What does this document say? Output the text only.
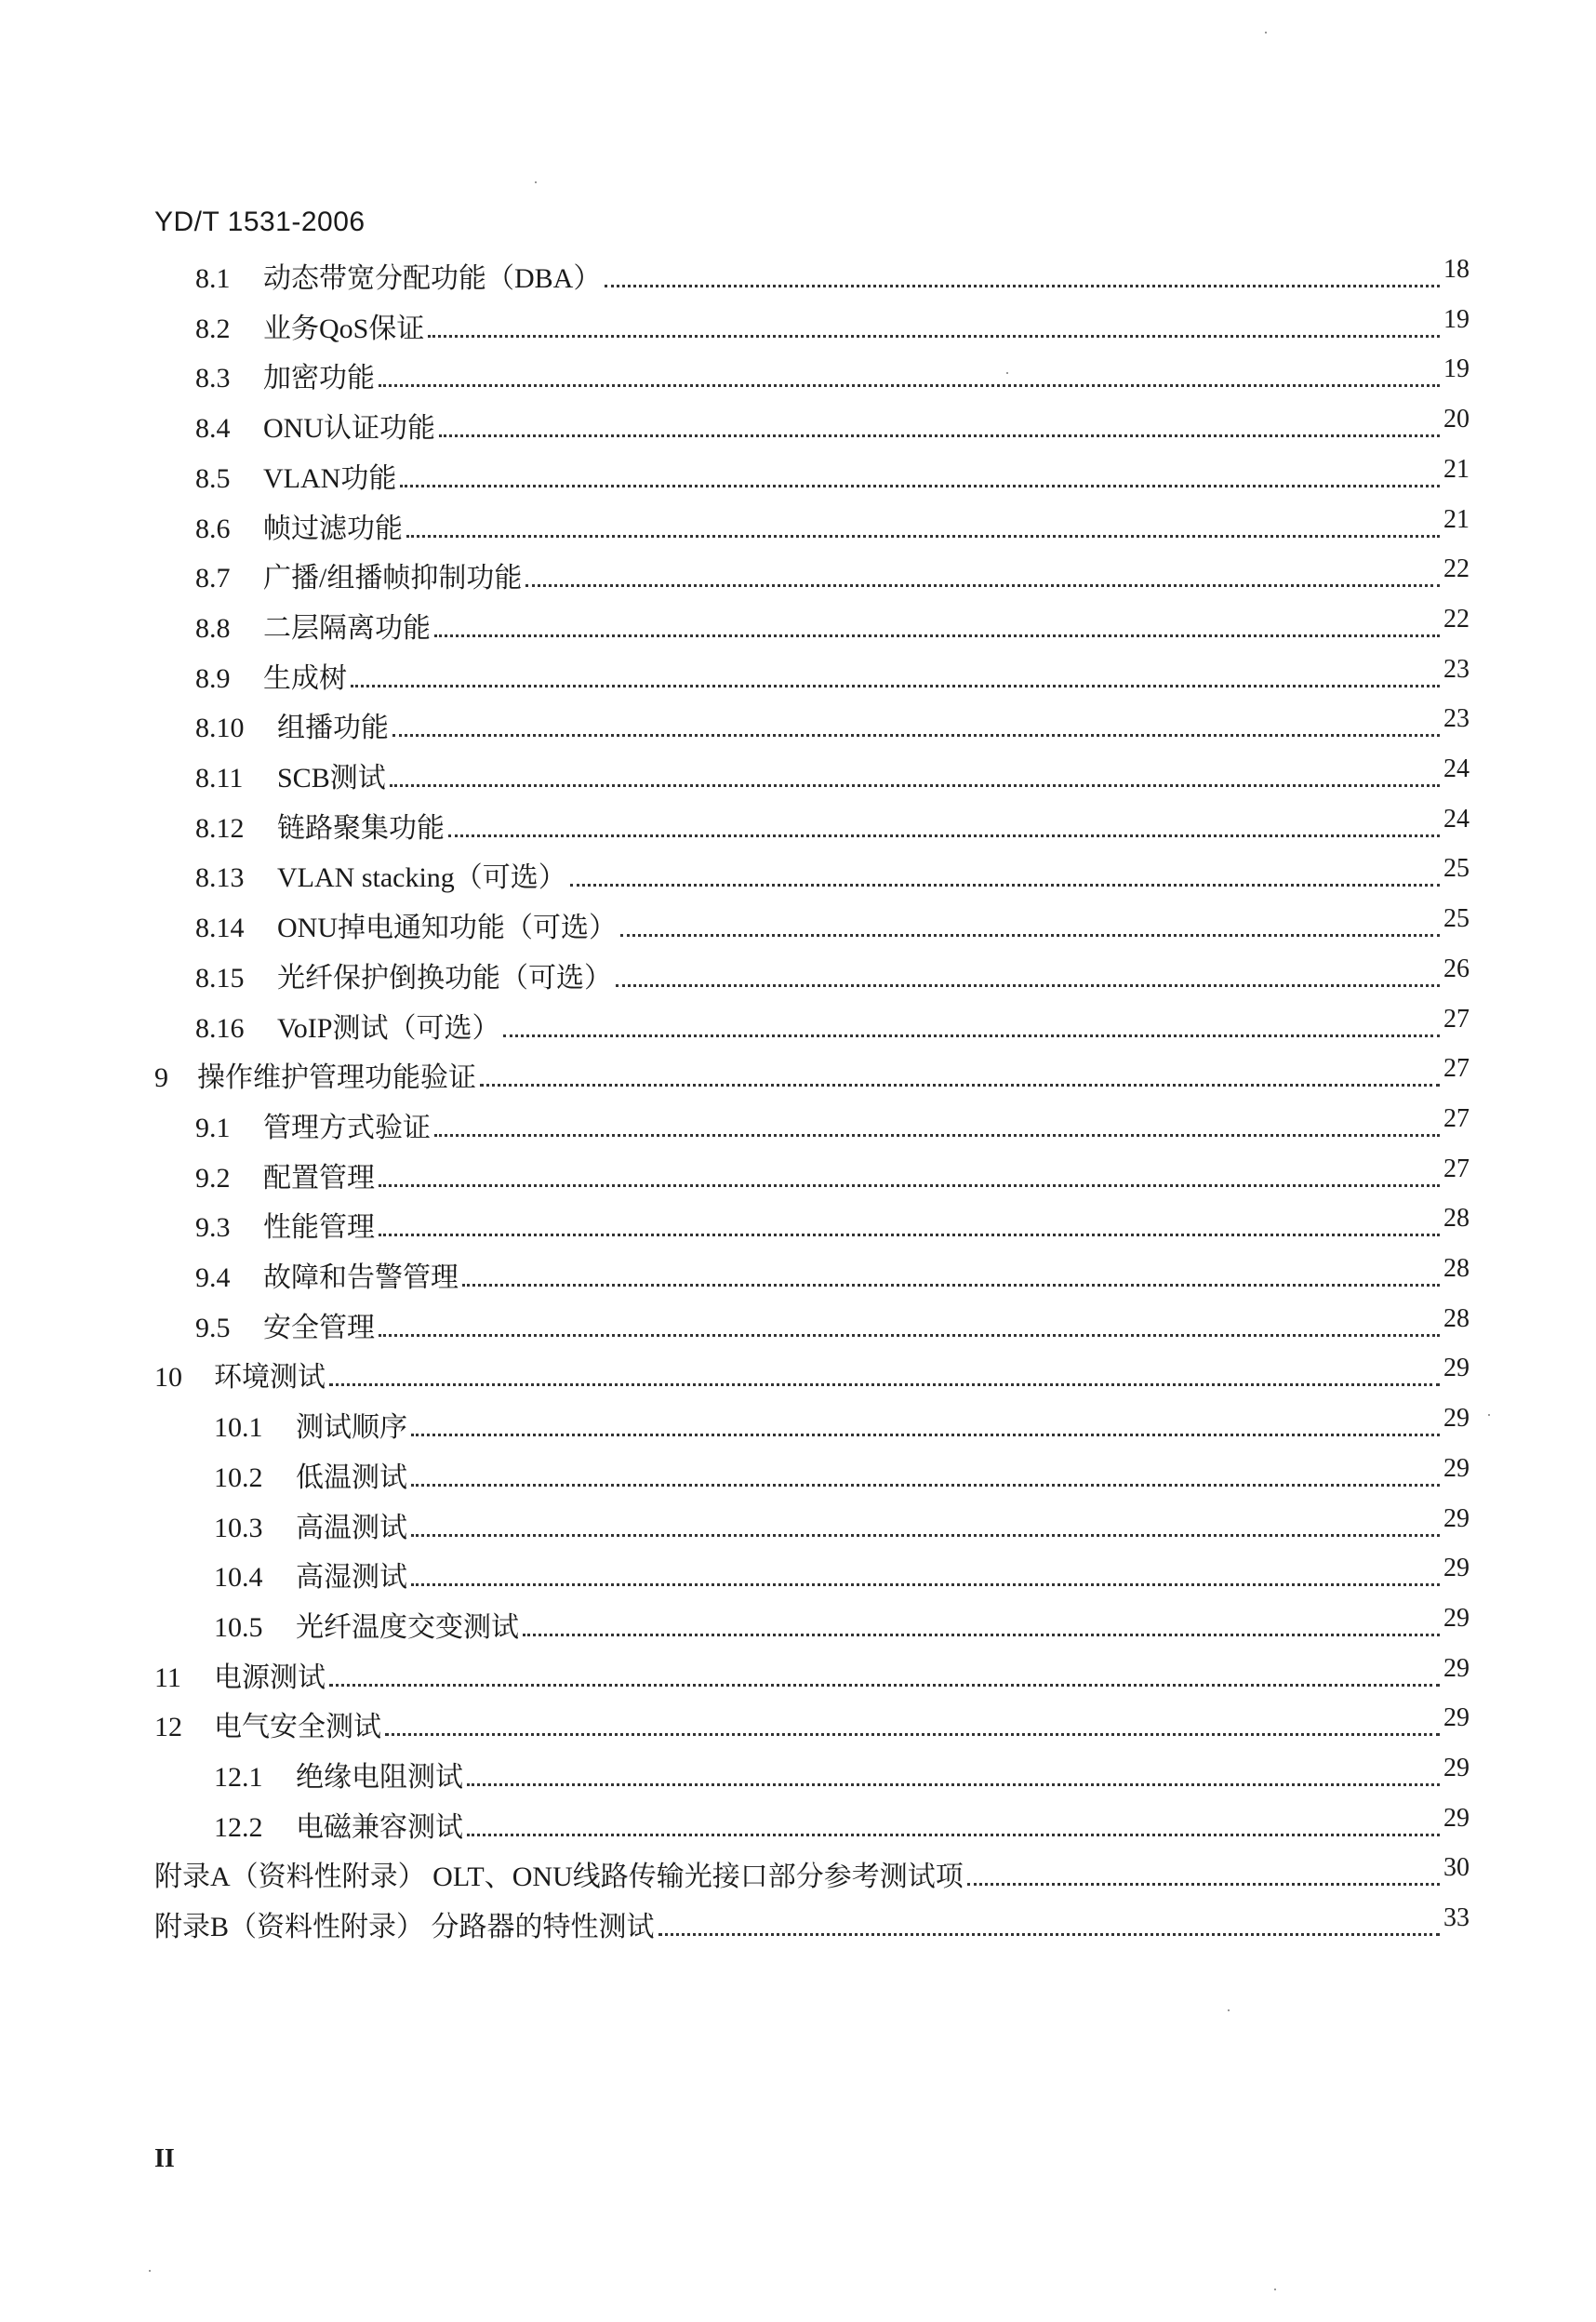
YD/T 1531-2006
8.1	动态带宽分配功能（DBA）	18
8.2	业务QoS保证	19
8.3	加密功能	19
8.4	ONU认证功能	20
8.5	VLAN功能	21
8.6	帧过滤功能	21
8.7	广播/组播帧抑制功能	22
8.8	二层隔离功能	22
8.9	生成树	23
8.10	组播功能	23
8.11	SCB测试	24
8.12	链路聚集功能	24
8.13	VLAN stacking（可选）	25
8.14	ONU掉电通知功能（可选）	25
8.15	光纤保护倒换功能（可选）	26
8.16	VoIP测试（可选）	27
9	操作维护管理功能验证	27
9.1	管理方式验证	27
9.2	配置管理	27
9.3	性能管理	28
9.4	故障和告警管理	28
9.5	安全管理	28
10	环境测试	29
10.1	测试顺序	29
10.2	低温测试	29
10.3	高温测试	29
10.4	高湿测试	29
10.5	光纤温度交变测试	29
11	电源测试	29
12	电气安全测试	29
12.1	绝缘电阻测试	29
12.2	电磁兼容测试	29
附录A （资料性附录） OLT、ONU线路传输光接口部分参考测试项	30
附录B （资料性附录） 分路器的特性测试	33
II
